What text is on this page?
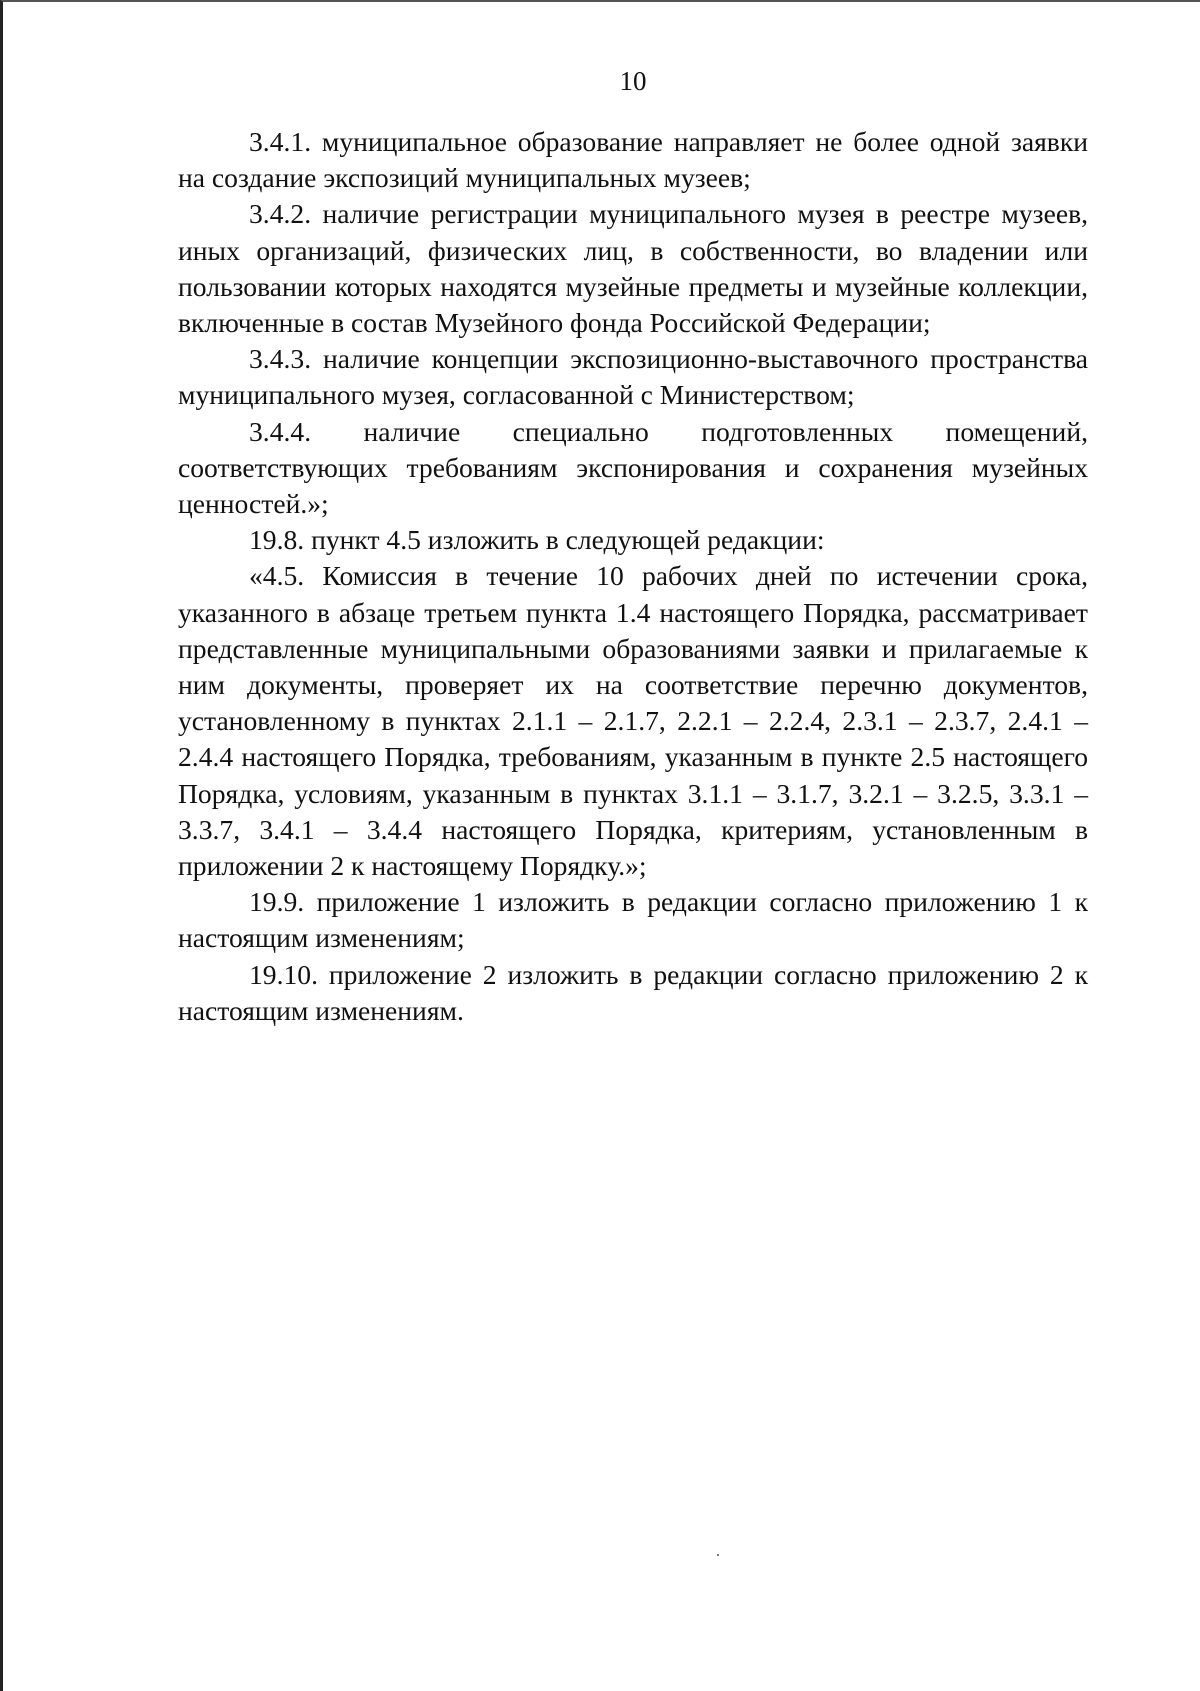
10

3.4.1. муниципальное образование направляет не более одной заявки на создание экспозиций муниципальных музеев;

3.4.2. наличие регистрации муниципального музея в реестре музеев, иных организаций, физических лиц, в собственности, во владении или пользовании которых находятся музейные предметы и музейные коллекции, включенные в состав Музейного фонда Российской Федерации;

3.4.3. наличие концепции экспозиционно-выставочного пространства муниципального музея, согласованной с Министерством;

3.4.4. наличие специально подготовленных помещений, соответствующих требованиям экспонирования и сохранения музейных ценностей.»;

19.8. пункт 4.5 изложить в следующей редакции:

«4.5. Комиссия в течение 10 рабочих дней по истечении срока, указанного в абзаце третьем пункта 1.4 настоящего Порядка, рассматривает представленные муниципальными образованиями заявки и прилагаемые к ним документы, проверяет их на соответствие перечню документов, установленному в пунктах 2.1.1 – 2.1.7, 2.2.1 – 2.2.4, 2.3.1 – 2.3.7, 2.4.1 – 2.4.4 настоящего Порядка, требованиям, указанным в пункте 2.5 настоящего Порядка, условиям, указанным в пунктах 3.1.1 – 3.1.7, 3.2.1 – 3.2.5, 3.3.1 – 3.3.7, 3.4.1 – 3.4.4 настоящего Порядка, критериям, установленным в приложении 2 к настоящему Порядку.»;

19.9. приложение 1 изложить в редакции согласно приложению 1 к настоящим изменениям;

19.10. приложение 2 изложить в редакции согласно приложению 2 к настоящим изменениям.
